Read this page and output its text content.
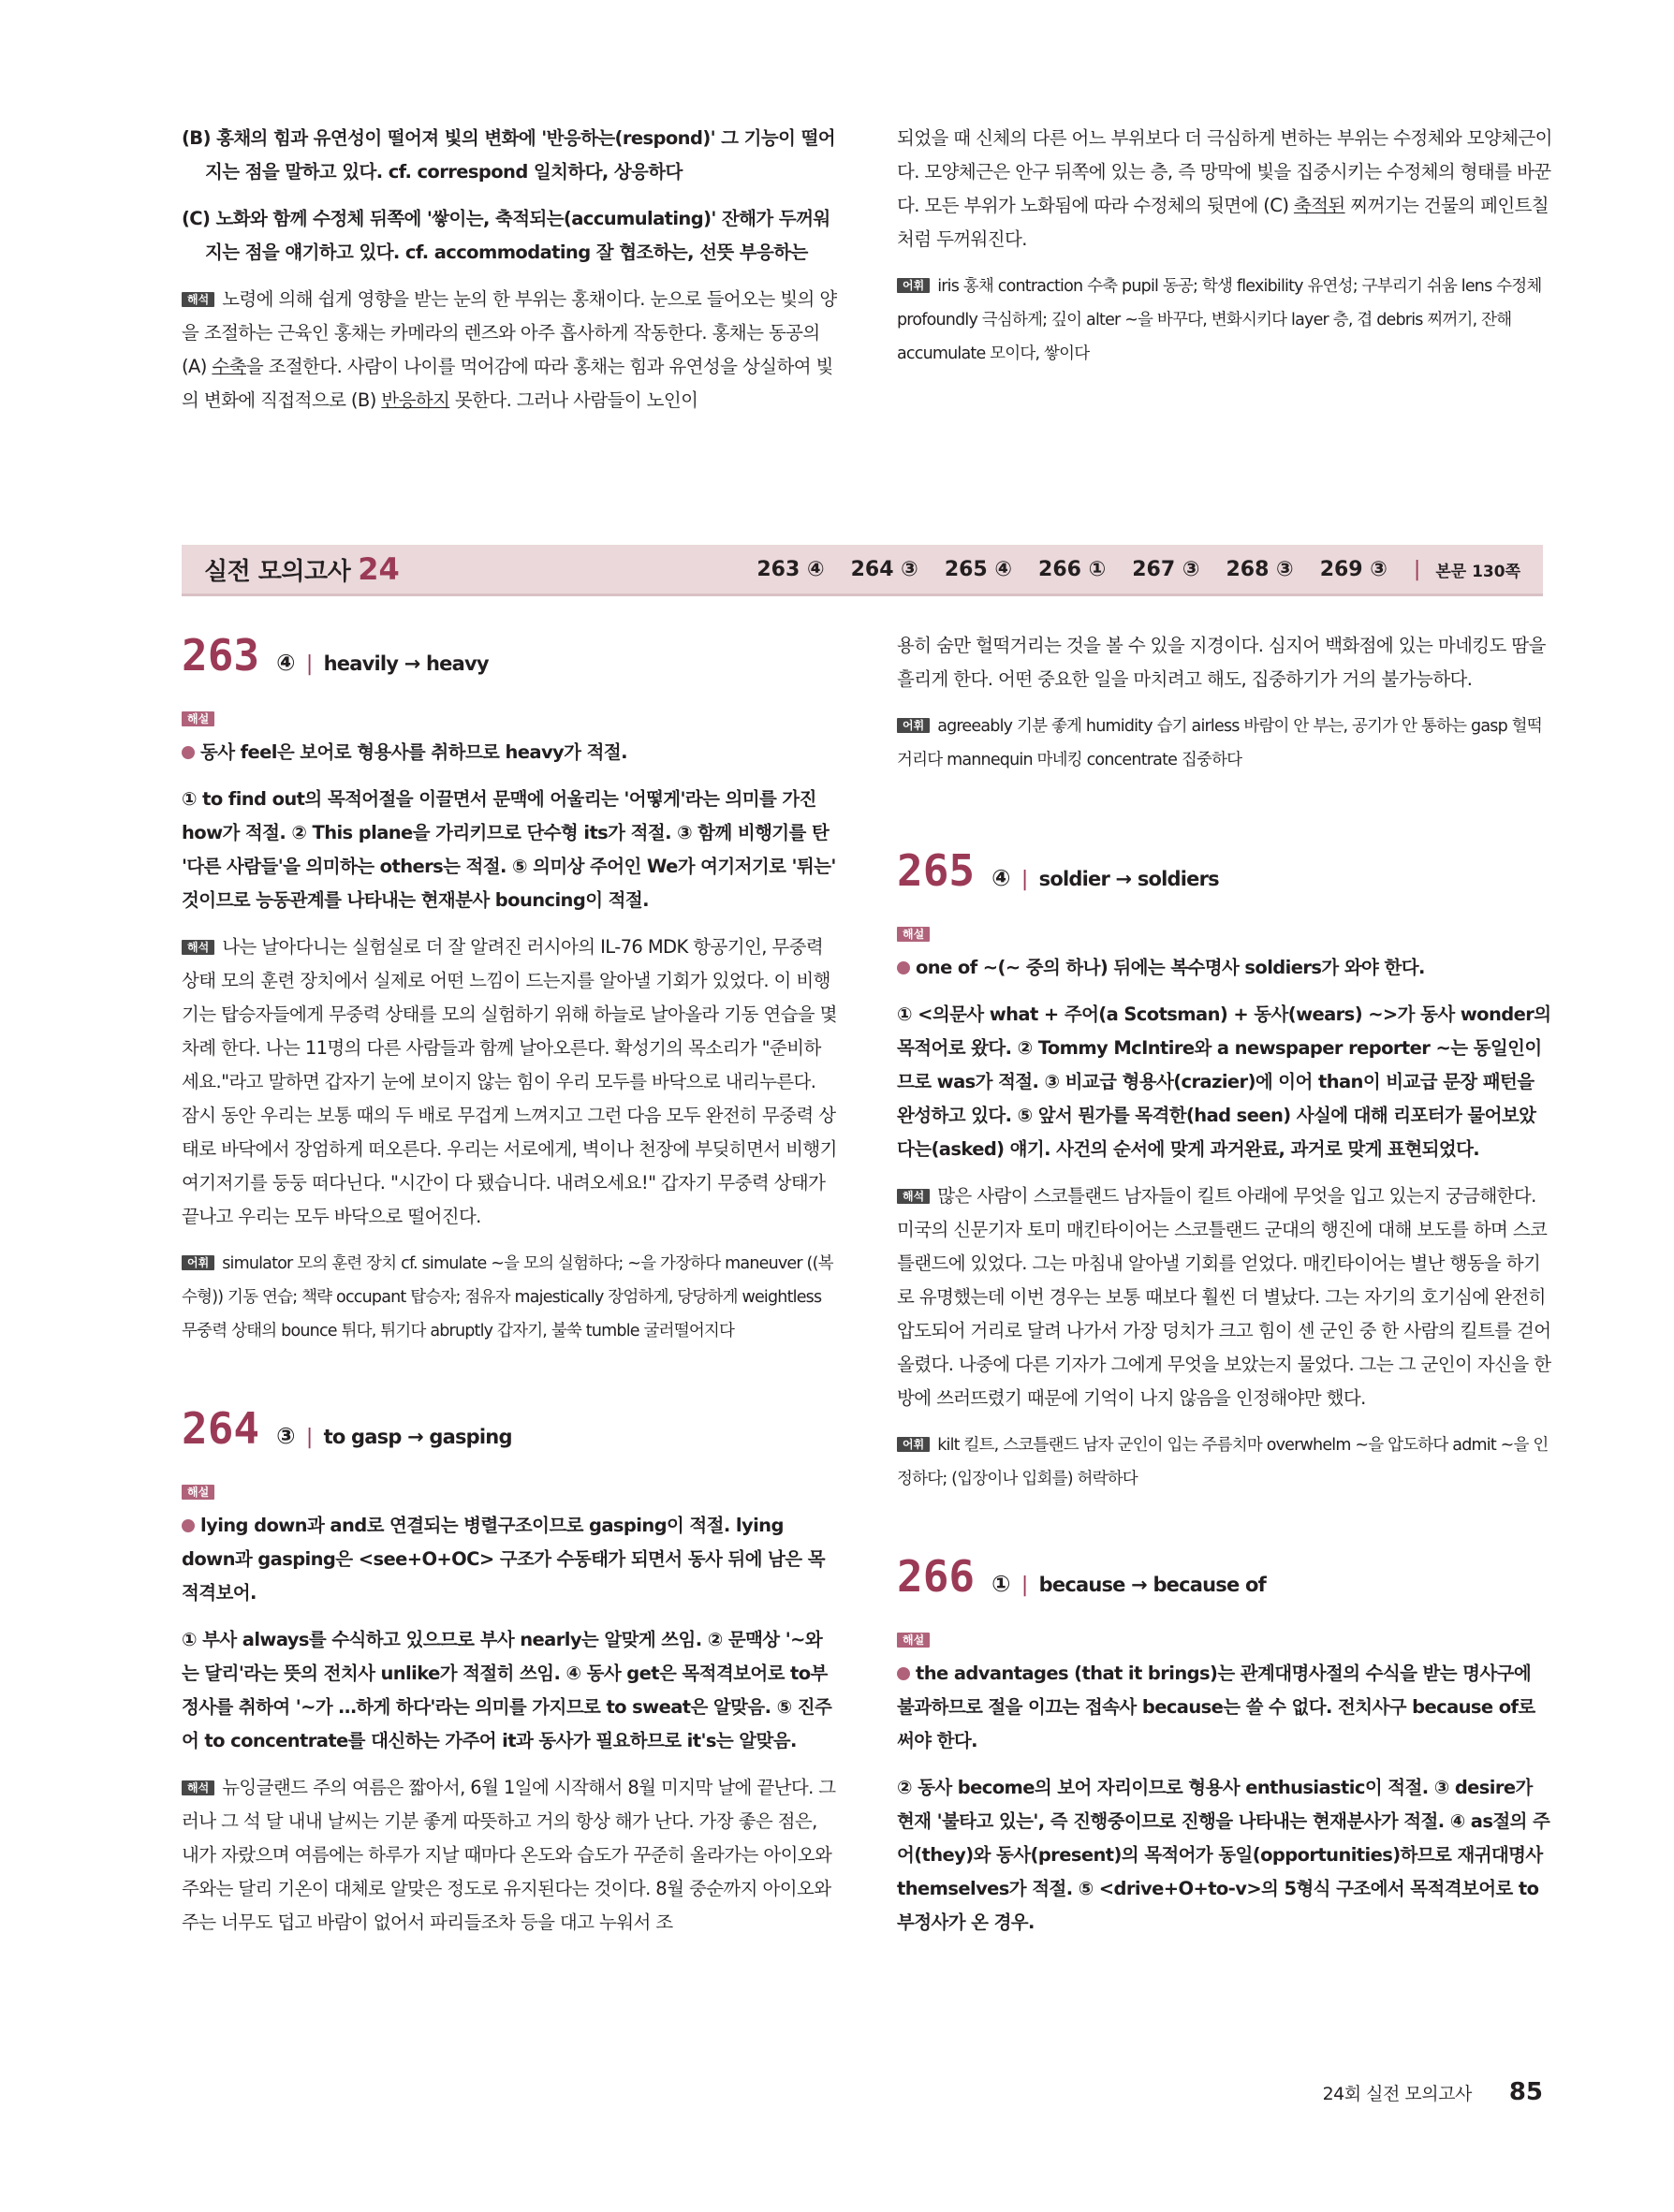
(B) 홍채의 힘과 유연성이 떨어져 빛의 변화에 '반응하는(respond)' 그 기능이 떨어지는 점을 말하고 있다. cf. correspond 일치하다, 상응하다

(C) 노화와 함께 수정체 뒤쪽에 '쌓이는, 축적되는(accumulating)' 잔해가 두꺼워지는 점을 얘기하고 있다. cf. accommodating 잘 협조하는, 선뜻 부응하는

해석 노령에 의해 쉽게 영향을 받는 눈의 한 부위는 홍채이다. 눈으로 들어오는 빛의 양을 조절하는 근육인 홍채는 카메라의 렌즈와 아주 흡사하게 작동한다. 홍채는 동공의 (A) 수축을 조절한다. 사람이 나이를 먹어감에 따라 홍채는 힘과 유연성을 상실하여 빛의 변화에 직접적으로 (B) 반응하지 못한다. 그러나 사람들이 노인이

되었을 때 신체의 다른 어느 부위보다 더 극심하게 변하는 부위는 수정체와 모양체근이다. 모양체근은 안구 뒤쪽에 있는 층, 즉 망막에 빛을 집중시키는 수정체의 형태를 바꾼다. 모든 부위가 노화됨에 따라 수정체의 뒷면에 (C) 축적된 찌꺼기는 건물의 페인트칠처럼 두꺼워진다.

어휘 iris 홍채 contraction 수축 pupil 동공; 학생 flexibility 유연성; 구부리기 쉬움 lens 수정체 profoundly 극심하게; 깊이 alter ~을 바꾸다, 변화시키다 layer 층, 겹 debris 찌꺼기, 잔해 accumulate 모이다, 쌓이다

실전 모의고사 24	263 ④ 264 ③ 265 ④ 266 ① 267 ③ 268 ③ 269 ③ | 본문 130쪽
263 ④ | heavily → heavy

해설

동사 feel은 보어로 형용사를 취하므로 heavy가 적절.

① to find out의 목적어절을 이끌면서 문맥에 어울리는 '어떻게'라는 의미를 가진 how가 적절. ② This plane을 가리키므로 단수형 its가 적절. ③ 함께 비행기를 탄 '다른 사람들'을 의미하는 others는 적절. ⑤ 의미상 주어인 We가 여기저기로 '튀는' 것이므로 능동관계를 나타내는 현재분사 bouncing이 적절.

해석 나는 날아다니는 실험실로 더 잘 알려진 러시아의 IL-76 MDK 항공기인, 무중력 상태 모의 훈련 장치에서 실제로 어떤 느낌이 드는지를 알아낼 기회가 있었다. 이 비행기는 탑승자들에게 무중력 상태를 모의 실험하기 위해 하늘로 날아올라 기동 연습을 몇 차례 한다. 나는 11명의 다른 사람들과 함께 날아오른다. 확성기의 목소리가 "준비하세요."라고 말하면 갑자기 눈에 보이지 않는 힘이 우리 모두를 바닥으로 내리누른다. 잠시 동안 우리는 보통 때의 두 배로 무겁게 느껴지고 그런 다음 모두 완전히 무중력 상태로 바닥에서 장엄하게 떠오른다. 우리는 서로에게, 벽이나 천장에 부딪히면서 비행기 여기저기를 둥둥 떠다닌다. "시간이 다 됐습니다. 내려오세요!" 갑자기 무중력 상태가 끝나고 우리는 모두 바닥으로 떨어진다.

어휘 simulator 모의 훈련 장치 cf. simulate ~을 모의 실험하다; ~을 가장하다 maneuver ((복수형)) 기동 연습; 책략 occupant 탑승자; 점유자 majestically 장엄하게, 당당하게 weightless 무중력 상태의 bounce 튀다, 튀기다 abruptly 갑자기, 불쑥 tumble 굴러떨어지다

264 ③ | to gasp → gasping

해설

lying down과 and로 연결되는 병렬구조이므로 gasping이 적절. lying down과 gasping은 <see+O+OC> 구조가 수동태가 되면서 동사 뒤에 남은 목적격보어.

① 부사 always를 수식하고 있으므로 부사 nearly는 알맞게 쓰임. ② 문맥상 '~와는 달리'라는 뜻의 전치사 unlike가 적절히 쓰임. ④ 동사 get은 목적격보어로 to부정사를 취하여 '~가 …하게 하다'라는 의미를 가지므로 to sweat은 알맞음. ⑤ 진주어 to concentrate를 대신하는 가주어 it과 동사가 필요하므로 it's는 알맞음.

해석 뉴잉글랜드 주의 여름은 짧아서, 6월 1일에 시작해서 8월 미지막 날에 끝난다. 그러나 그 석 달 내내 날씨는 기분 좋게 따뜻하고 거의 항상 해가 난다. 가장 좋은 점은, 내가 자랐으며 여름에는 하루가 지날 때마다 온도와 습도가 꾸준히 올라가는 아이오와 주와는 달리 기온이 대체로 알맞은 정도로 유지된다는 것이다. 8월 중순까지 아이오와 주는 너무도 덥고 바람이 없어서 파리들조차 등을 대고 누워서 조

용히 숨만 헐떡거리는 것을 볼 수 있을 지경이다. 심지어 백화점에 있는 마네킹도 땀을 흘리게 한다. 어떤 중요한 일을 마치려고 해도, 집중하기가 거의 불가능하다.

어휘 agreeably 기분 좋게 humidity 습기 airless 바람이 안 부는, 공기가 안 통하는 gasp 헐떡거리다 mannequin 마네킹 concentrate 집중하다

265 ④ | soldier → soldiers

해설

one of ~(~ 중의 하나) 뒤에는 복수명사 soldiers가 와야 한다.

① <의문사 what + 주어(a Scotsman) + 동사(wears) ~>가 동사 wonder의 목적어로 왔다. ② Tommy McIntire와 a newspaper reporter ~는 동일인이므로 was가 적절. ③ 비교급 형용사(crazier)에 이어 than이 비교급 문장 패턴을 완성하고 있다. ⑤ 앞서 뭔가를 목격한(had seen) 사실에 대해 리포터가 물어보았다는(asked) 얘기. 사건의 순서에 맞게 과거완료, 과거로 맞게 표현되었다.

해석 많은 사람이 스코틀랜드 남자들이 킬트 아래에 무엇을 입고 있는지 궁금해한다. 미국의 신문기자 토미 매킨타이어는 스코틀랜드 군대의 행진에 대해 보도를 하며 스코틀랜드에 있었다. 그는 마침내 알아낼 기회를 얻었다. 매킨타이어는 별난 행동을 하기로 유명했는데 이번 경우는 보통 때보다 훨씬 더 별났다. 그는 자기의 호기심에 완전히 압도되어 거리로 달려 나가서 가장 덩치가 크고 힘이 센 군인 중 한 사람의 킬트를 걷어 올렸다. 나중에 다른 기자가 그에게 무엇을 보았는지 물었다. 그는 그 군인이 자신을 한 방에 쓰러뜨렸기 때문에 기억이 나지 않음을 인정해야만 했다.

어휘 kilt 킬트, 스코틀랜드 남자 군인이 입는 주름치마 overwhelm ~을 압도하다 admit ~을 인정하다; (입장이나 입회를) 허락하다

266 ① | because → because of

해설

the advantages (that it brings)는 관계대명사절의 수식을 받는 명사구에 불과하므로 절을 이끄는 접속사 because는 쓸 수 없다. 전치사구 because of로 써야 한다.

② 동사 become의 보어 자리이므로 형용사 enthusiastic이 적절. ③ desire가 현재 '불타고 있는', 즉 진행중이므로 진행을 나타내는 현재분사가 적절. ④ as절의 주어(they)와 동사(present)의 목적어가 동일(opportunities)하므로 재귀대명사 themselves가 적절. ⑤ <drive+O+to-v>의 5형식 구조에서 목적격보어로 to부정사가 온 경우.

24회 실전 모의고사 85
